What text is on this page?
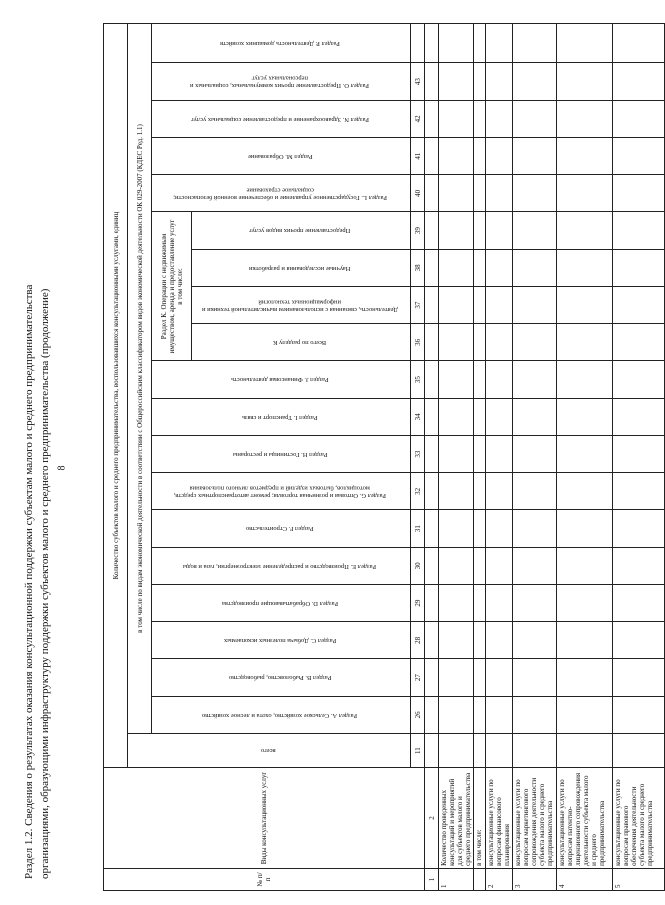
8
Раздел 1.2. Сведения о результатах оказания консультационной поддержки субъектам малого и среднего предпринимательства организациями, образующими инфраструктуру поддержки субъектов малого и среднего предпринимательства (продолжение)
№ п/п	Виды консультационных услуг	Количество субъектов малого и среднего предпринимательства, воспользовавшихся консультационными услугами, единиц																			
		всего	в том числе по видам экономической деятельности в соответствии с Общероссийским классификатором видов экономической деятельности ОК 029-2007 (КДЕС Ред. 1.1)																		
			Раздел А. Сельское хозяйство, охота и лесное хозяйство	Раздел В. Рыболовство, рыбоводство	Раздел С. Добыча полезных ископаемых	Раздел D. Обрабатывающие производства	Раздел Е. Производство и распределение электроэнергии, газа и воды	Раздел F. Строительство	Раздел G. Оптовая и розничная торговля; ремонт автотранспортных средств, мотоциклов, бытовых изделий и предметов личного пользования	Раздел Н. Гостиницы и рестораны	Раздел I. Транспорт и связь	Раздел J. Финансовая деятельность	Раздел К. Операции с недвижимым имуществом, аренда и предоставление услуг в том числе:				Раздел L. Государственное управление и обеспечение военной безопасности; социальное страхование	Раздел М. Образование	Раздел N. Здравоохранение и предоставление социальных услуг	Раздел О. Предоставление прочих коммунальных, социальных и персональных услуг	Раздел Р. Деятельность домашних хозяйств
													Всего по разделу К	Деятельность, связанная с использованием вычислительной техники и информационных технологий	Научные исследования и разработки	Предоставление прочих видов услуг					
		11	26	27	28	29	30	31	32	33	34	35	36	37	38	39	40	41	42	43	
1	2																				
1	Количество проведенных консультаций и мероприятий для субъектов малого и среднего предпринимательства																				
	в том числе:																				
2	консультационные услуги по вопросам финансового планирования																				
3	консультационные услуги по вопросам маркетингового сопровождения деятельности субъекта малого и среднего предпринимательства																				
4	консультационные услуги по вопросам патентно-лицензионного сопровождения деятельности субъекта малого и среднего предпринимательства																				
5	консультационные услуги по вопросам правового обеспечения деятельности субъекта малого и среднего предпринимательства																				
